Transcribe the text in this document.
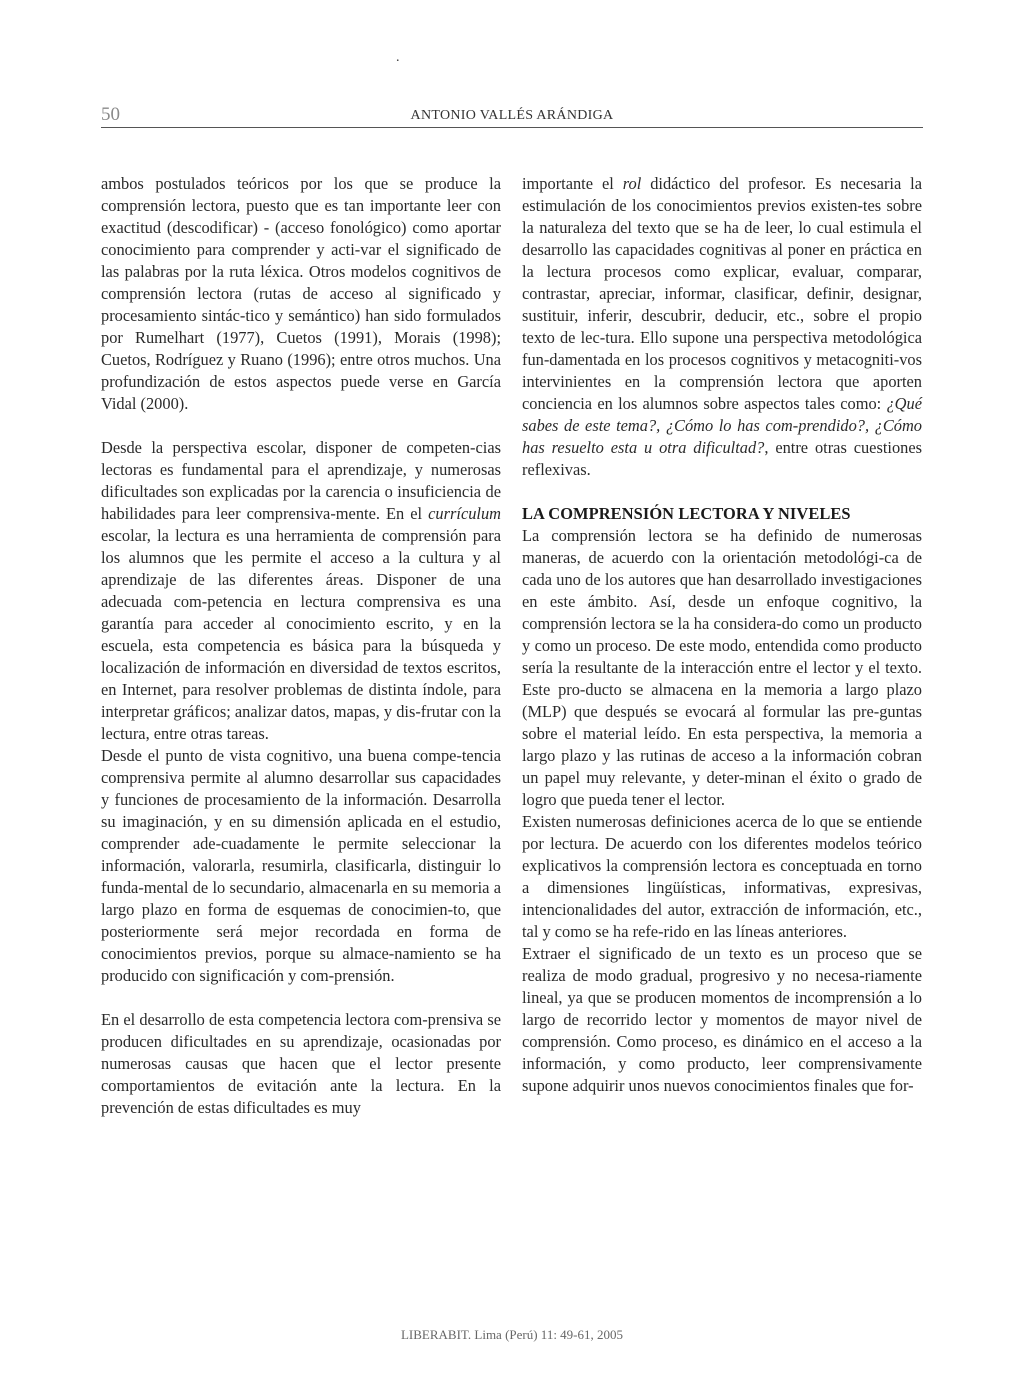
.
50	ANTONIO VALLÉS ARÁNDIGA

ambos postulados teóricos por los que se produce la comprensión lectora, puesto que es tan importante leer con exactitud (descodificar) - (acceso fonológico) como aportar conocimiento para comprender y acti-var el significado de las palabras por la ruta léxica. Otros modelos cognitivos de comprensión lectora (rutas de acceso al significado y procesamiento sintác-tico y semántico) han sido formulados por Rumelhart (1977), Cuetos (1991), Morais (1998); Cuetos, Rodríguez y Ruano (1996); entre otros muchos. Una profundización de estos aspectos puede verse en García Vidal (2000).

Desde la perspectiva escolar, disponer de competen-cias lectoras es fundamental para el aprendizaje, y numerosas dificultades son explicadas por la carencia o insuficiencia de habilidades para leer comprensiva-mente. En el currículum escolar, la lectura es una herramienta de comprensión para los alumnos que les permite el acceso a la cultura y al aprendizaje de las diferentes áreas. Disponer de una adecuada com-petencia en lectura comprensiva es una garantía para acceder al conocimiento escrito, y en la escuela, esta competencia es básica para la búsqueda y localización de información en diversidad de textos escritos, en Internet, para resolver problemas de distinta índole, para interpretar gráficos; analizar datos, mapas, y dis-frutar con la lectura, entre otras tareas.

Desde el punto de vista cognitivo, una buena compe-tencia comprensiva permite al alumno desarrollar sus capacidades y funciones de procesamiento de la información. Desarrolla su imaginación, y en su dimensión aplicada en el estudio, comprender ade-cuadamente le permite seleccionar la información, valorarla, resumirla, clasificarla, distinguir lo funda-mental de lo secundario, almacenarla en su memoria a largo plazo en forma de esquemas de conocimien-to, que posteriormente será mejor recordada en forma de conocimientos previos, porque su almace-namiento se ha producido con significación y com-prensión.

En el desarrollo de esta competencia lectora com-prensiva se producen dificultades en su aprendizaje, ocasionadas por numerosas causas que hacen que el lector presente comportamientos de evitación ante la lectura. En la prevención de estas dificultades es muy

importante el rol didáctico del profesor. Es necesaria la estimulación de los conocimientos previos existen-tes sobre la naturaleza del texto que se ha de leer, lo cual estimula el desarrollo las capacidades cognitivas al poner en práctica en la lectura procesos como explicar, evaluar, comparar, contrastar, apreciar, informar, clasificar, definir, designar, sustituir, inferir, descubrir, deducir, etc., sobre el propio texto de lec-tura. Ello supone una perspectiva metodológica fun-damentada en los procesos cognitivos y metacogniti-vos intervinientes en la comprensión lectora que aporten conciencia en los alumnos sobre aspectos tales como: ¿Qué sabes de este tema?, ¿Cómo lo has com-prendido?, ¿Cómo has resuelto esta u otra dificultad?, entre otras cuestiones reflexivas.

LA COMPRENSIÓN LECTORA Y NIVELES

La comprensión lectora se ha definido de numerosas maneras, de acuerdo con la orientación metodológi-ca de cada uno de los autores que han desarrollado investigaciones en este ámbito. Así, desde un enfoque cognitivo, la comprensión lectora se la ha considera-do como un producto y como un proceso. De este modo, entendida como producto sería la resultante de la interacción entre el lector y el texto. Este pro-ducto se almacena en la memoria a largo plazo (MLP) que después se evocará al formular las pre-guntas sobre el material leído. En esta perspectiva, la memoria a largo plazo y las rutinas de acceso a la información cobran un papel muy relevante, y deter-minan el éxito o grado de logro que pueda tener el lector.

Existen numerosas definiciones acerca de lo que se entiende por lectura. De acuerdo con los diferentes modelos teórico explicativos la comprensión lectora es conceptuada en torno a dimensiones lingüísticas, informativas, expresivas, intencionalidades del autor, extracción de información, etc., tal y como se ha refe-rido en las líneas anteriores.

Extraer el significado de un texto es un proceso que se realiza de modo gradual, progresivo y no necesa-riamente lineal, ya que se producen momentos de incomprensión a lo largo de recorrido lector y momentos de mayor nivel de comprensión. Como proceso, es dinámico en el acceso a la información, y como producto, leer comprensivamente supone adquirir unos nuevos conocimientos finales que for-

LIBERABIT. Lima (Perú) 11: 49-61, 2005
